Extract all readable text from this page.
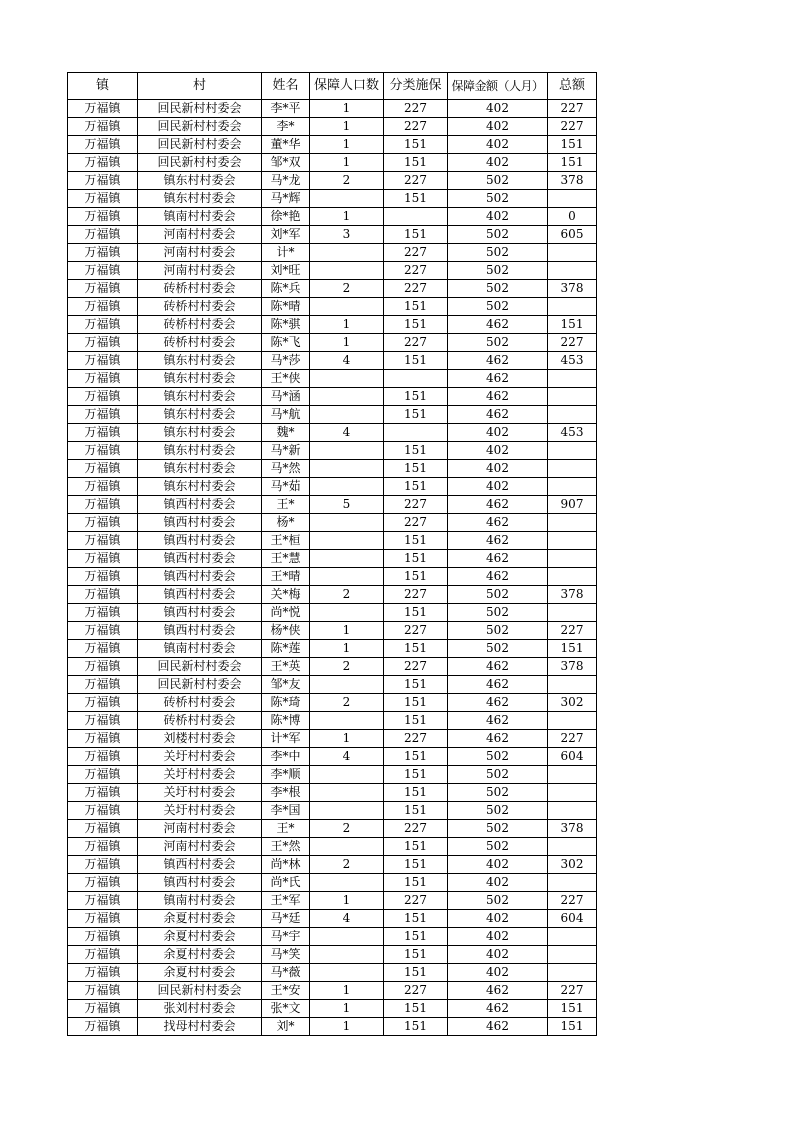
镇	村	姓名	保障人口数	分类施保	保障金额（人月）	总额
万福镇	回民新村村委会	李*平	1	227	402	227
万福镇	回民新村村委会	李*	1	227	402	227
万福镇	回民新村村委会	董*华	1	151	402	151
万福镇	回民新村村委会	邹*双	1	151	402	151
万福镇	镇东村村委会	马*龙	2	227	502	378
万福镇	镇东村村委会	马*辉		151	502	
万福镇	镇南村村委会	徐*艳	1		402	0
万福镇	河南村村委会	刘*军	3	151	502	605
万福镇	河南村村委会	计*		227	502	
万福镇	河南村村委会	刘*旺		227	502	
万福镇	砖桥村村委会	陈*兵	2	227	502	378
万福镇	砖桥村村委会	陈*晴		151	502	
万福镇	砖桥村村委会	陈*骐	1	151	462	151
万福镇	砖桥村村委会	陈*飞	1	227	502	227
万福镇	镇东村村委会	马*莎	4	151	462	453
万福镇	镇东村村委会	王*侠			462	
万福镇	镇东村村委会	马*涵		151	462	
万福镇	镇东村村委会	马*航		151	462	
万福镇	镇东村村委会	魏*	4		402	453
万福镇	镇东村村委会	马*新		151	402	
万福镇	镇东村村委会	马*然		151	402	
万福镇	镇东村村委会	马*茹		151	402	
万福镇	镇西村村委会	王*	5	227	462	907
万福镇	镇西村村委会	杨*		227	462	
万福镇	镇西村村委会	王*桓		151	462	
万福镇	镇西村村委会	王*慧		151	462	
万福镇	镇西村村委会	王*晴		151	462	
万福镇	镇西村村委会	关*梅	2	227	502	378
万福镇	镇西村村委会	尚*悦		151	502	
万福镇	镇西村村委会	杨*侠	1	227	502	227
万福镇	镇南村村委会	陈*莲	1	151	502	151
万福镇	回民新村村委会	王*英	2	227	462	378
万福镇	回民新村村委会	邹*友		151	462	
万福镇	砖桥村村委会	陈*琦	2	151	462	302
万福镇	砖桥村村委会	陈*博		151	462	
万福镇	刘楼村村委会	计*军	1	227	462	227
万福镇	关圩村村委会	李*中	4	151	502	604
万福镇	关圩村村委会	李*顺		151	502	
万福镇	关圩村村委会	李*根		151	502	
万福镇	关圩村村委会	李*国		151	502	
万福镇	河南村村委会	王*	2	227	502	378
万福镇	河南村村委会	王*然		151	502	
万福镇	镇西村村委会	尚*林	2	151	402	302
万福镇	镇西村村委会	尚*氏		151	402	
万福镇	镇南村村委会	王*军	1	227	502	227
万福镇	余夏村村委会	马*廷	4	151	402	604
万福镇	余夏村村委会	马*宇		151	402	
万福镇	余夏村村委会	马*笑		151	402	
万福镇	余夏村村委会	马*薇		151	402	
万福镇	回民新村村委会	王*安	1	227	462	227
万福镇	张刘村村委会	张*文	1	151	462	151
万福镇	找母村村委会	刘*	1	151	462	151
